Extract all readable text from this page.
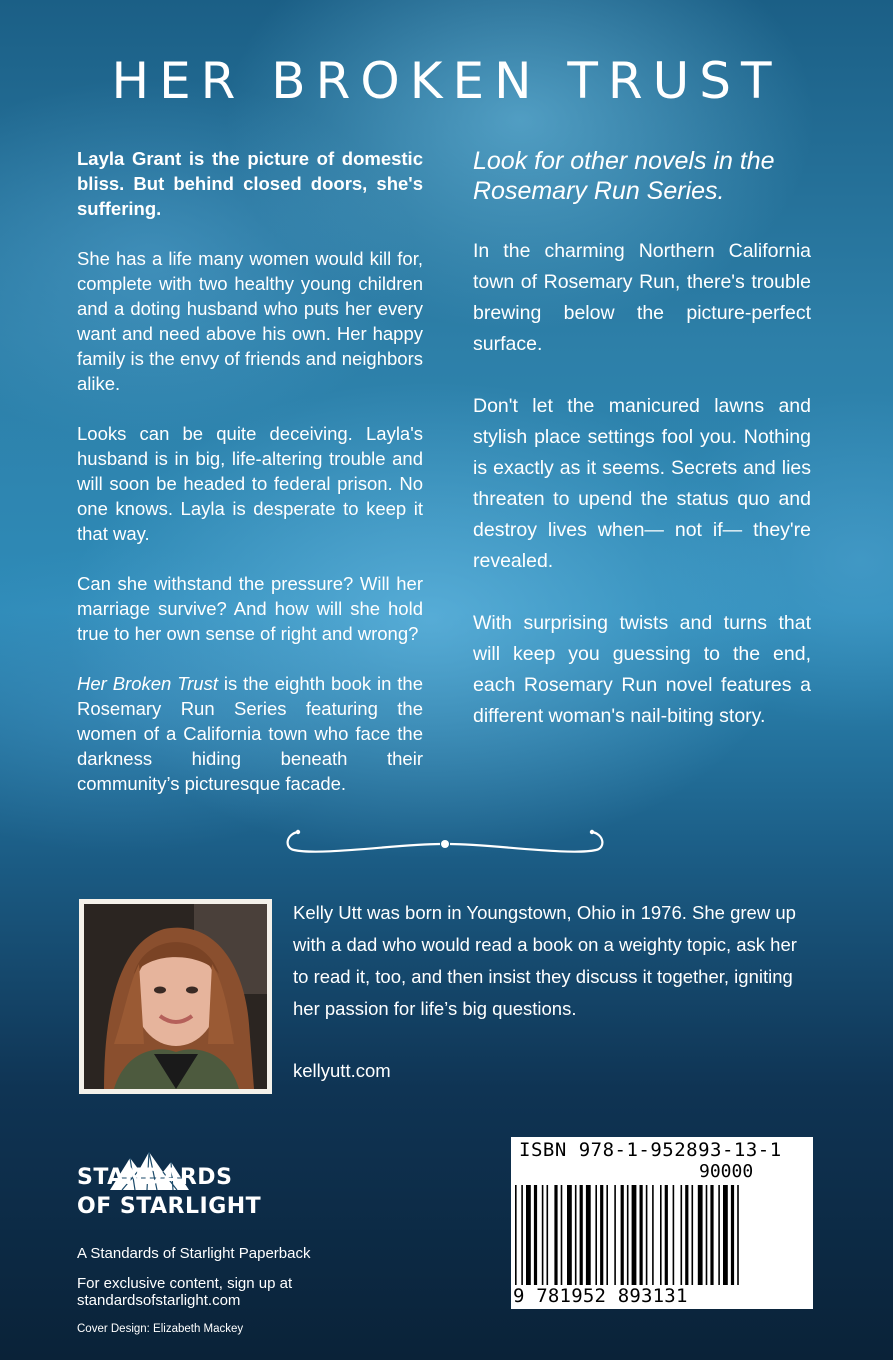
HER BROKEN TRUST

Layla Grant is the picture of domestic bliss. But behind closed doors, she's suffering.

She has a life many women would kill for, complete with two healthy young children and a doting husband who puts her every want and need above his own. Her happy family is the envy of friends and neighbors alike.

Looks can be quite deceiving. Layla's husband is in big, life-altering trouble and will soon be headed to federal prison. No one knows. Layla is desperate to keep it that way.

Can she withstand the pressure? Will her marriage survive? And how will she hold true to her own sense of right and wrong?

Her Broken Trust is the eighth book in the Rosemary Run Series featuring the women of a California town who face the darkness hiding beneath their community’s picturesque facade.

Look for other novels in the Rosemary Run Series.

In the charming Northern California town of Rosemary Run, there's trouble brewing below the picture-perfect surface.

Don't let the manicured lawns and stylish place settings fool you. Nothing is exactly as it seems. Secrets and lies threaten to upend the status quo and destroy lives when— not if— they're revealed.

With surprising twists and turns that will keep you guessing to the end, each Rosemary Run novel features a different woman's nail-biting story.

Kelly Utt was born in Youngstown, Ohio in 1976. She grew up with a dad who would read a book on a weighty topic, ask her to read it, too, and then insist they discuss it together, igniting her passion for life’s big questions.

kellyutt.com

STANDARDS
OF STARLIGHT
A Standards of Starlight Paperback
For exclusive content, sign up at
standardsofstarlight.com
Cover Design: Elizabeth Mackey
ISBN 978-1-952893-13-1
90000
9 781952 893131
